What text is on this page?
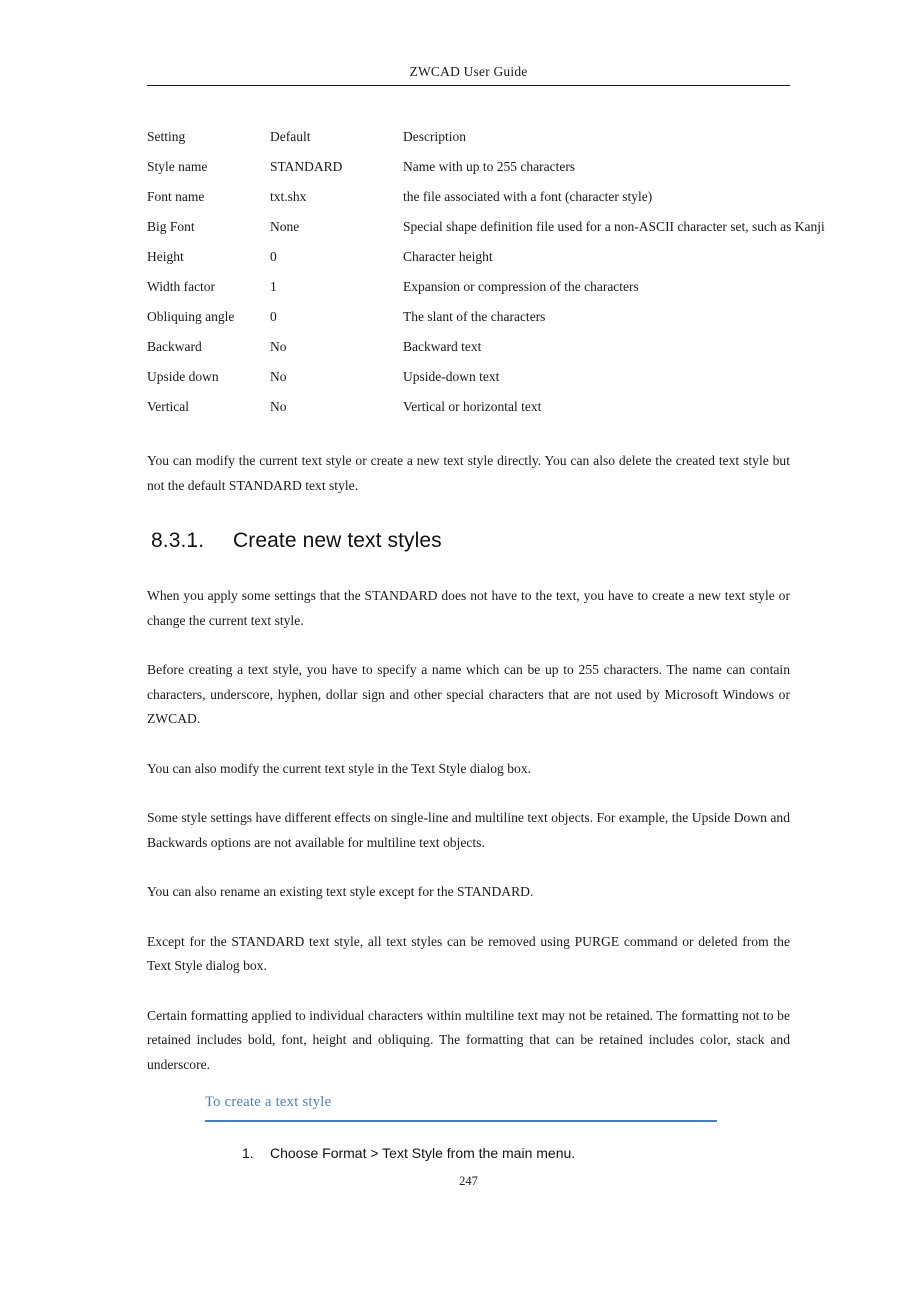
ZWCAD User Guide
Setting	Default	Description
Style name	STANDARD	Name with up to 255 characters
Font name	txt.shx	the file associated with a font (character style)
Big Font	None	Special shape definition file used for a non-ASCII character set, such as Kanji
Height	0	Character height
Width factor	1	Expansion or compression of the characters
Obliquing angle	0	The slant of the characters
Backward	No	Backward text
Upside down	No	Upside-down text
Vertical	No	Vertical or horizontal text

You can modify the current text style or create a new text style directly. You can also delete the created text style but not the default STANDARD text style.

8.3.1. Create new text styles

When you apply some settings that the STANDARD does not have to the text, you have to create a new text style or change the current text style.

Before creating a text style, you have to specify a name which can be up to 255 characters. The name can contain characters, underscore, hyphen, dollar sign and other special characters that are not used by Microsoft Windows or ZWCAD.

You can also modify the current text style in the Text Style dialog box.

Some style settings have different effects on single-line and multiline text objects. For example, the Upside Down and Backwards options are not available for multiline text objects.

You can also rename an existing text style except for the STANDARD.

Except for the STANDARD text style, all text styles can be removed using PURGE command or deleted from the Text Style dialog box.

Certain formatting applied to individual characters within multiline text may not be retained. The formatting not to be retained includes bold, font, height and obliquing. The formatting that can be retained includes color, stack and underscore.

To create a text style
1. Choose Format > Text Style from the main menu.
247
